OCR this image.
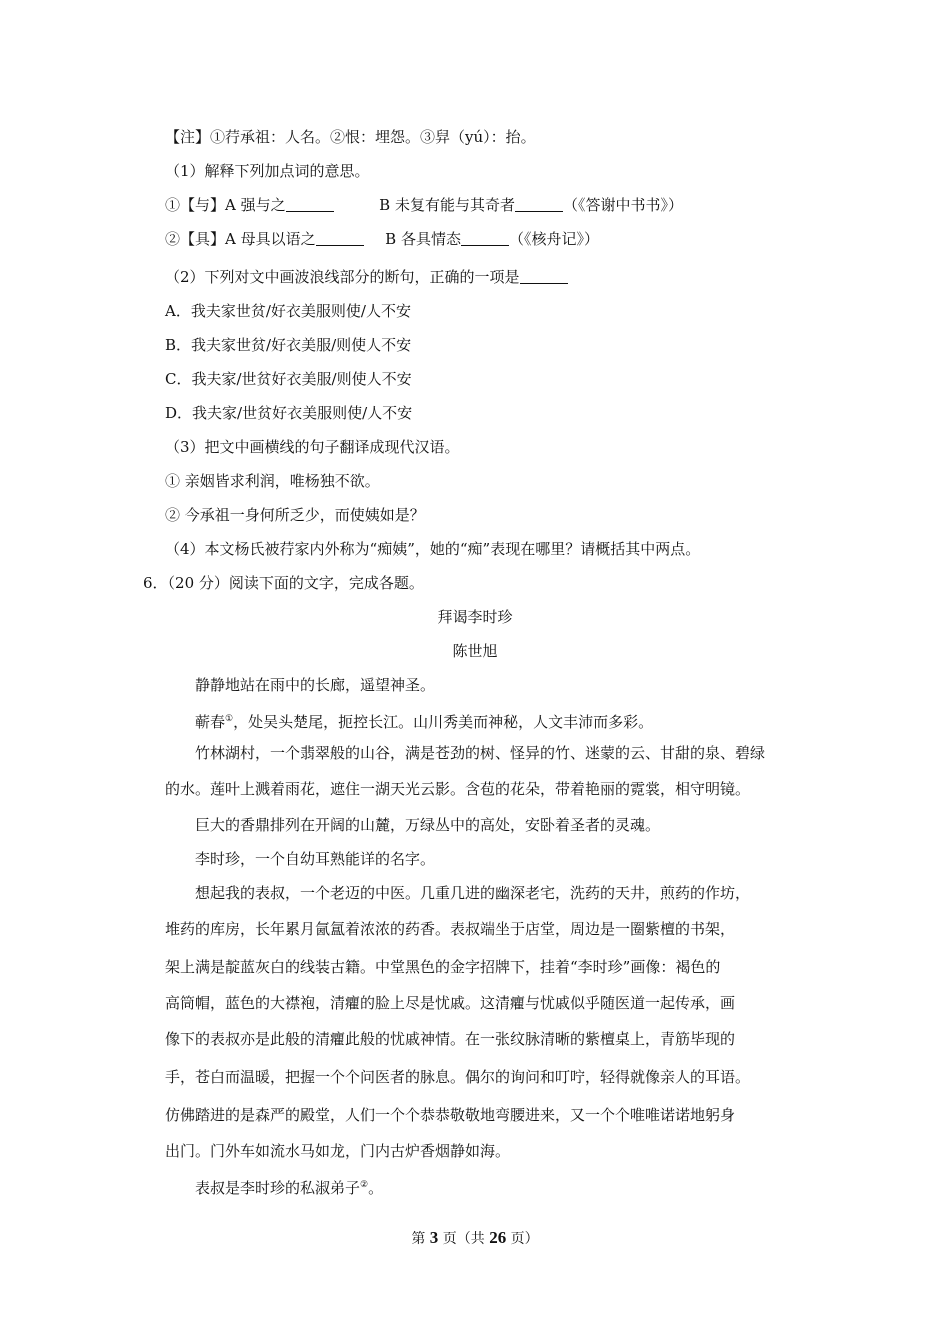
【注】①荇承祖：人名。②恨：埋怨。③舁（yú）：抬。
（1）解释下列加点词的意思。
①【与】A 强与之	B 未复有能与其奇者	（《答谢中书书》）
②【具】A 母具以语之	B 各具情态	（《核舟记》）
（2）下列对文中画波浪线部分的断句，正确的一项是
A．我夫家世贫/好衣美服则使/人不安
B．我夫家世贫/好衣美服/则使人不安
C．我夫家/世贫好衣美服/则使人不安
D．我夫家/世贫好衣美服则使/人不安
（3）把文中画横线的句子翻译成现代汉语。
① 亲姻皆求利润，唯杨独不欲。
② 今承祖一身何所乏少，而使姨如是？
（4）本文杨氏被荇家内外称为“痴姨”，她的“痴”表现在哪里？请概括其中两点。
6．（20 分）阅读下面的文字，完成各题。
拜谒李时珍
陈世旭
静静地站在雨中的长廊，遥望神圣。
蕲春①，处吴头楚尾，扼控长江。山川秀美而神秘，人文丰沛而多彩。
竹林湖村，一个翡翠般的山谷，满是苍劲的树、怪异的竹、迷蒙的云、甘甜的泉、碧绿
的水。莲叶上溅着雨花，遮住一湖天光云影。含苞的花朵，带着艳丽的霓裳，相守明镜。
巨大的香鼎排列在开阔的山麓，万绿丛中的高处，安卧着圣者的灵魂。
李时珍，一个自幼耳熟能详的名字。
想起我的表叔，一个老迈的中医。几重几进的幽深老宅，洗药的天井，煎药的作坊，
堆药的库房，长年累月氤氲着浓浓的药香。表叔端坐于店堂，周边是一圈紫檀的书架，
架上满是靛蓝灰白的线装古籍。中堂黑色的金字招牌下，挂着“李时珍”画像：褐色的
高筒帽，蓝色的大襟袍，清癯的脸上尽是忧戚。这清癯与忧戚似乎随医道一起传承，画
像下的表叔亦是此般的清癯此般的忧戚神情。在一张纹脉清晰的紫檀桌上，青筋毕现的
手，苍白而温暖，把握一个个问医者的脉息。偶尔的询问和叮咛，轻得就像亲人的耳语。
仿佛踏进的是森严的殿堂，人们一个个恭恭敬敬地弯腰进来，又一个个唯唯诺诺地躬身
出门。门外车如流水马如龙，门内古炉香烟静如海。
表叔是李时珍的私淑弟子②。
第 3 页（共 26 页）
